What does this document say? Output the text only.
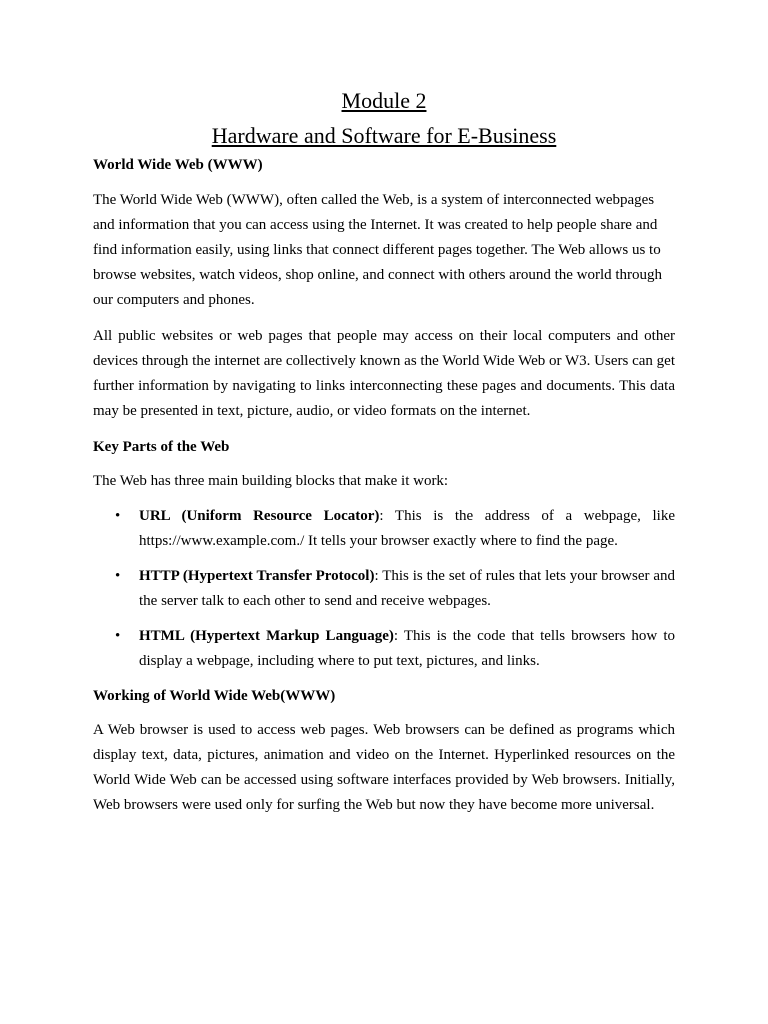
Module 2
Hardware and Software for E-Business
World Wide Web (WWW)
The World Wide Web (WWW), often called the Web, is a system of interconnected webpages and information that you can access using the Internet. It was created to help people share and find information easily, using links that connect different pages together. The Web allows us to browse websites, watch videos, shop online, and connect with others around the world through our computers and phones.
All public websites or web pages that people may access on their local computers and other devices through the internet are collectively known as the World Wide Web or W3. Users can get further information by navigating to links interconnecting these pages and documents. This data may be presented in text, picture, audio, or video formats on the internet.
Key Parts of the Web
The Web has three main building blocks that make it work:
• URL (Uniform Resource Locator): This is the address of a webpage, like https://www.example.com./ It tells your browser exactly where to find the page.
• HTTP (Hypertext Transfer Protocol): This is the set of rules that lets your browser and the server talk to each other to send and receive webpages.
• HTML (Hypertext Markup Language): This is the code that tells browsers how to display a webpage, including where to put text, pictures, and links.
Working of World Wide Web(WWW)
A Web browser is used to access web pages. Web browsers can be defined as programs which display text, data, pictures, animation and video on the Internet. Hyperlinked resources on the World Wide Web can be accessed using software interfaces provided by Web browsers. Initially, Web browsers were used only for surfing the Web but now they have become more universal.
